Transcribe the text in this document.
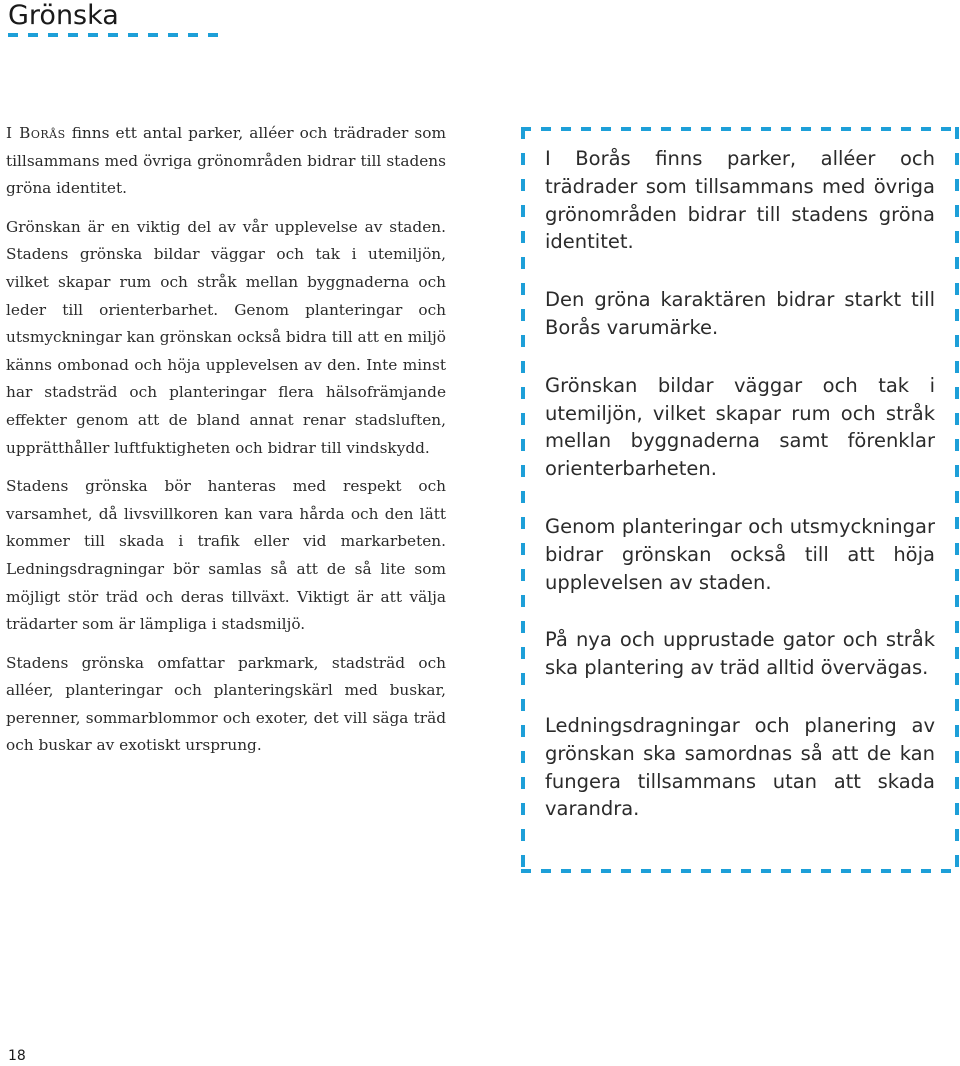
Grönska

I Borås finns ett antal parker, alléer och trädrader som tillsammans med övriga grönområden bidrar till stadens gröna identitet.

Grönskan är en viktig del av vår upplevelse av staden. Stadens grönska bildar väggar och tak i utemiljön, vilket skapar rum och stråk mellan byggnaderna och leder till orienterbarhet. Genom planteringar och utsmyckningar kan grönskan också bidra till att en miljö känns ombonad och höja upplevelsen av den. Inte minst har stadsträd och planteringar flera hälsofrämjande effekter genom att de bland annat renar stadsluften, upprätthåller luftfuktigheten och bidrar till vindskydd.

Stadens grönska bör hanteras med respekt och varsamhet, då livsvillkoren kan vara hårda och den lätt kommer till skada i trafik eller vid markarbeten. Ledningsdragningar bör samlas så att de så lite som möjligt stör träd och deras tillväxt. Viktigt är att välja trädarter som är lämpliga i stadsmiljö.

Stadens grönska omfattar parkmark, stadsträd och alléer, planteringar och planteringskärl med buskar, perenner, sommarblommor och exoter, det vill säga träd och buskar av exotiskt ursprung.

I Borås finns parker, alléer och trädrader som tillsammans med övriga grönområden bidrar till stadens gröna identitet.

Den gröna karaktären bidrar starkt till Borås varumärke.

Grönskan bildar väggar och tak i utemiljön, vilket skapar rum och stråk mellan byggnaderna samt förenklar orienterbarheten.

Genom planteringar och utsmyckningar bidrar grönskan också till att höja upplevelsen av staden.

På nya och upprustade gator och stråk ska plantering av träd alltid övervägas.

Ledningsdragningar och planering av grönskan ska samordnas så att de kan fungera tillsammans utan att skada varandra.

18
